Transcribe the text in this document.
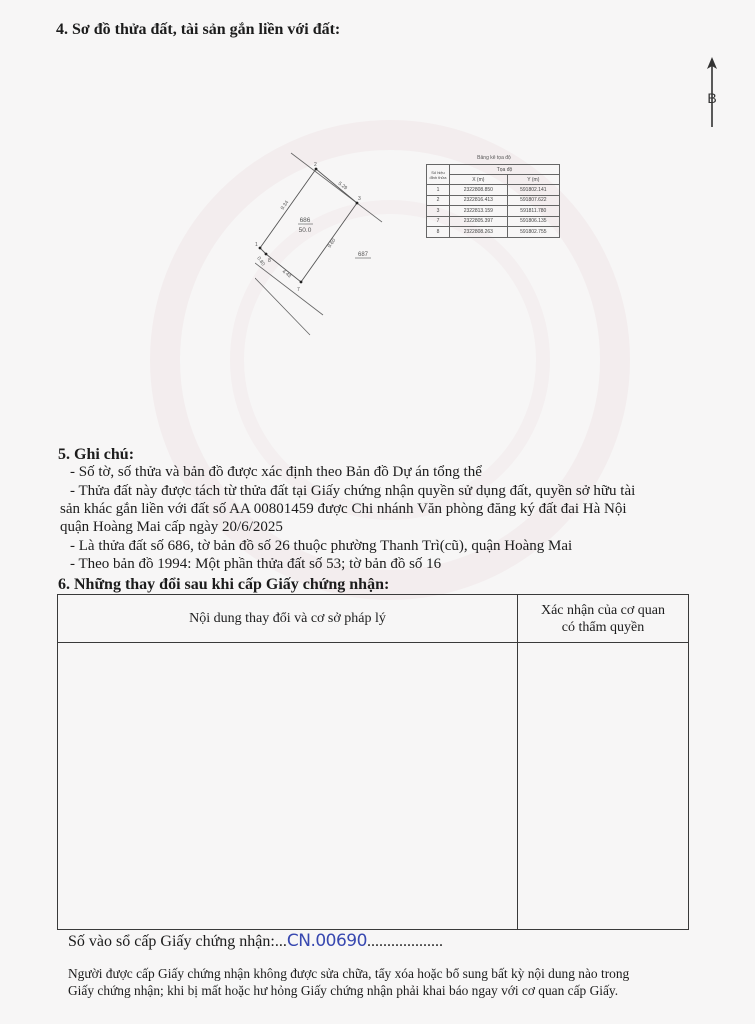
4. Sơ đồ thửa đất, tài sản gắn liền với đất:
B
1
2
3
7
8
5.29
9.34
9.60
4.43
0.80
686
50.0
687
Bảng kê tọa độ
Số hiệu đỉnh thửa	Tọa độ	
	X (m)	Y (m)
1	2322808.850	591802.141
2	2322816.413	591807.622
3	2322813.159	591811.780
7	2322805.397	591806.135
8	2322808.263	591802.755
5. Ghi chú:
- Số tờ, số thửa và bản đồ được xác định theo Bản đồ Dự án tổng thể
- Thửa đất này được tách từ thửa đất tại Giấy chứng nhận quyền sử dụng đất, quyền sở hữu tài
sản khác gắn liền với đất số AA 00801459 được Chi nhánh Văn phòng đăng ký đất đai Hà Nội
quận Hoàng Mai cấp ngày 20/6/2025
- Là thửa đất số 686, tờ bản đồ số 26 thuộc phường Thanh Trì(cũ), quận Hoàng Mai
- Theo bản đồ 1994: Một phần thửa đất số 53; tờ bản đồ số 16
6. Những thay đổi sau khi cấp Giấy chứng nhận:
Nội dung thay đổi và cơ sở pháp lý	Xác nhận của cơ quan
có thẩm quyền

Số vào sổ cấp Giấy chứng nhận:...CN.00690...................
Người được cấp Giấy chứng nhận không được sửa chữa, tẩy xóa hoặc bổ sung bất kỳ nội dung nào trong
Giấy chứng nhận; khi bị mất hoặc hư hỏng Giấy chứng nhận phải khai báo ngay với cơ quan cấp Giấy.
